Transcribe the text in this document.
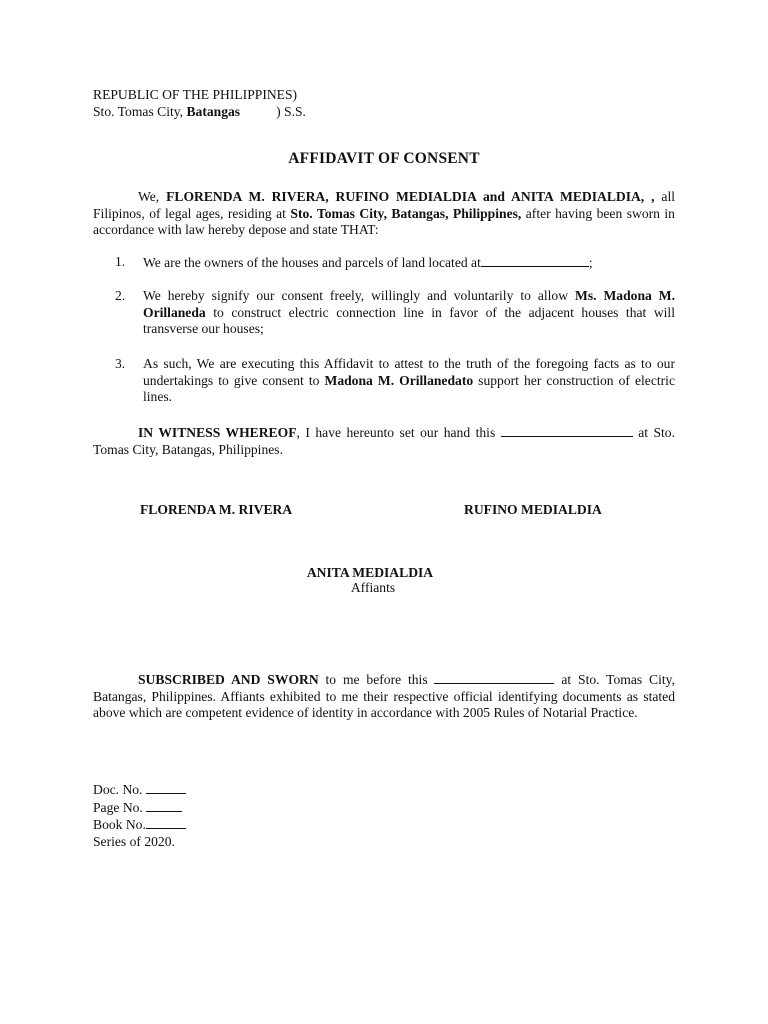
REPUBLIC OF THE PHILIPPINES)
Sto. Tomas City, Batangas	) S.S.
AFFIDAVIT OF CONSENT
We, FLORENDA M. RIVERA, RUFINO MEDIALDIA and ANITA MEDIALDIA, , all Filipinos, of legal ages, residing at Sto. Tomas City, Batangas, Philippines, after having been sworn in accordance with law hereby depose and state THAT:
1. We are the owners of the houses and parcels of land located at	;
2. We hereby signify our consent freely, willingly and voluntarily to allow Ms. Madona M. Orillaneda to construct electric connection line in favor of the adjacent houses that will transverse our houses;
3. As such, We are executing this Affidavit to attest to the truth of the foregoing facts as to our undertakings to give consent to Madona M. Orillanedato support her construction of electric lines.
IN WITNESS WHEREOF, I have hereunto set our hand this	at Sto. Tomas City, Batangas, Philippines.
FLORENDA M. RIVERA	RUFINO MEDIALDIA
ANITA MEDIALDIA
Affiants
SUBSCRIBED AND SWORN to me before this	at Sto. Tomas City, Batangas, Philippines. Affiants exhibited to me their respective official identifying documents as stated above which are competent evidence of identity in accordance with 2005 Rules of Notarial Practice.
Doc. No.
Page No.
Book No.
Series of 2020.
